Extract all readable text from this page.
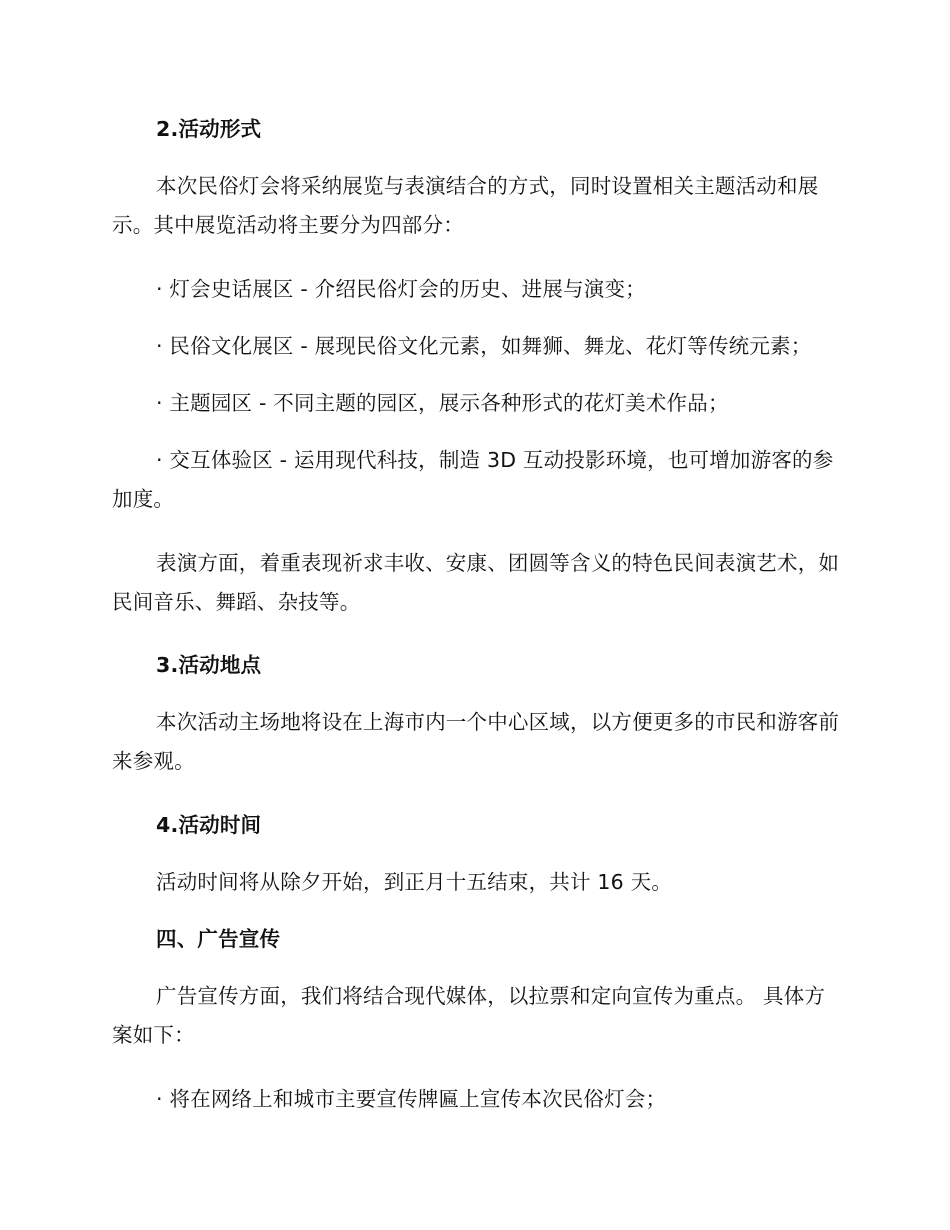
2.活动形式
本次民俗灯会将采纳展览与表演结合的方式，同时设置相关主题活动和展示。其中展览活动将主要分为四部分：
· 灯会史话展区 - 介绍民俗灯会的历史、进展与演变；
· 民俗文化展区 - 展现民俗文化元素，如舞狮、舞龙、花灯等传统元素；
· 主题园区 - 不同主题的园区，展示各种形式的花灯美术作品；
· 交互体验区 - 运用现代科技，制造 3D 互动投影环境，也可增加游客的参加度。
表演方面，着重表现祈求丰收、安康、团圆等含义的特色民间表演艺术，如民间音乐、舞蹈、杂技等。
3.活动地点
本次活动主场地将设在上海市内一个中心区域，以方便更多的市民和游客前来参观。
4.活动时间
活动时间将从除夕开始，到正月十五结束，共计 16 天。
四、广告宣传
广告宣传方面，我们将结合现代媒体，以拉票和定向宣传为重点。 具体方案如下：
· 将在网络上和城市主要宣传牌匾上宣传本次民俗灯会；
